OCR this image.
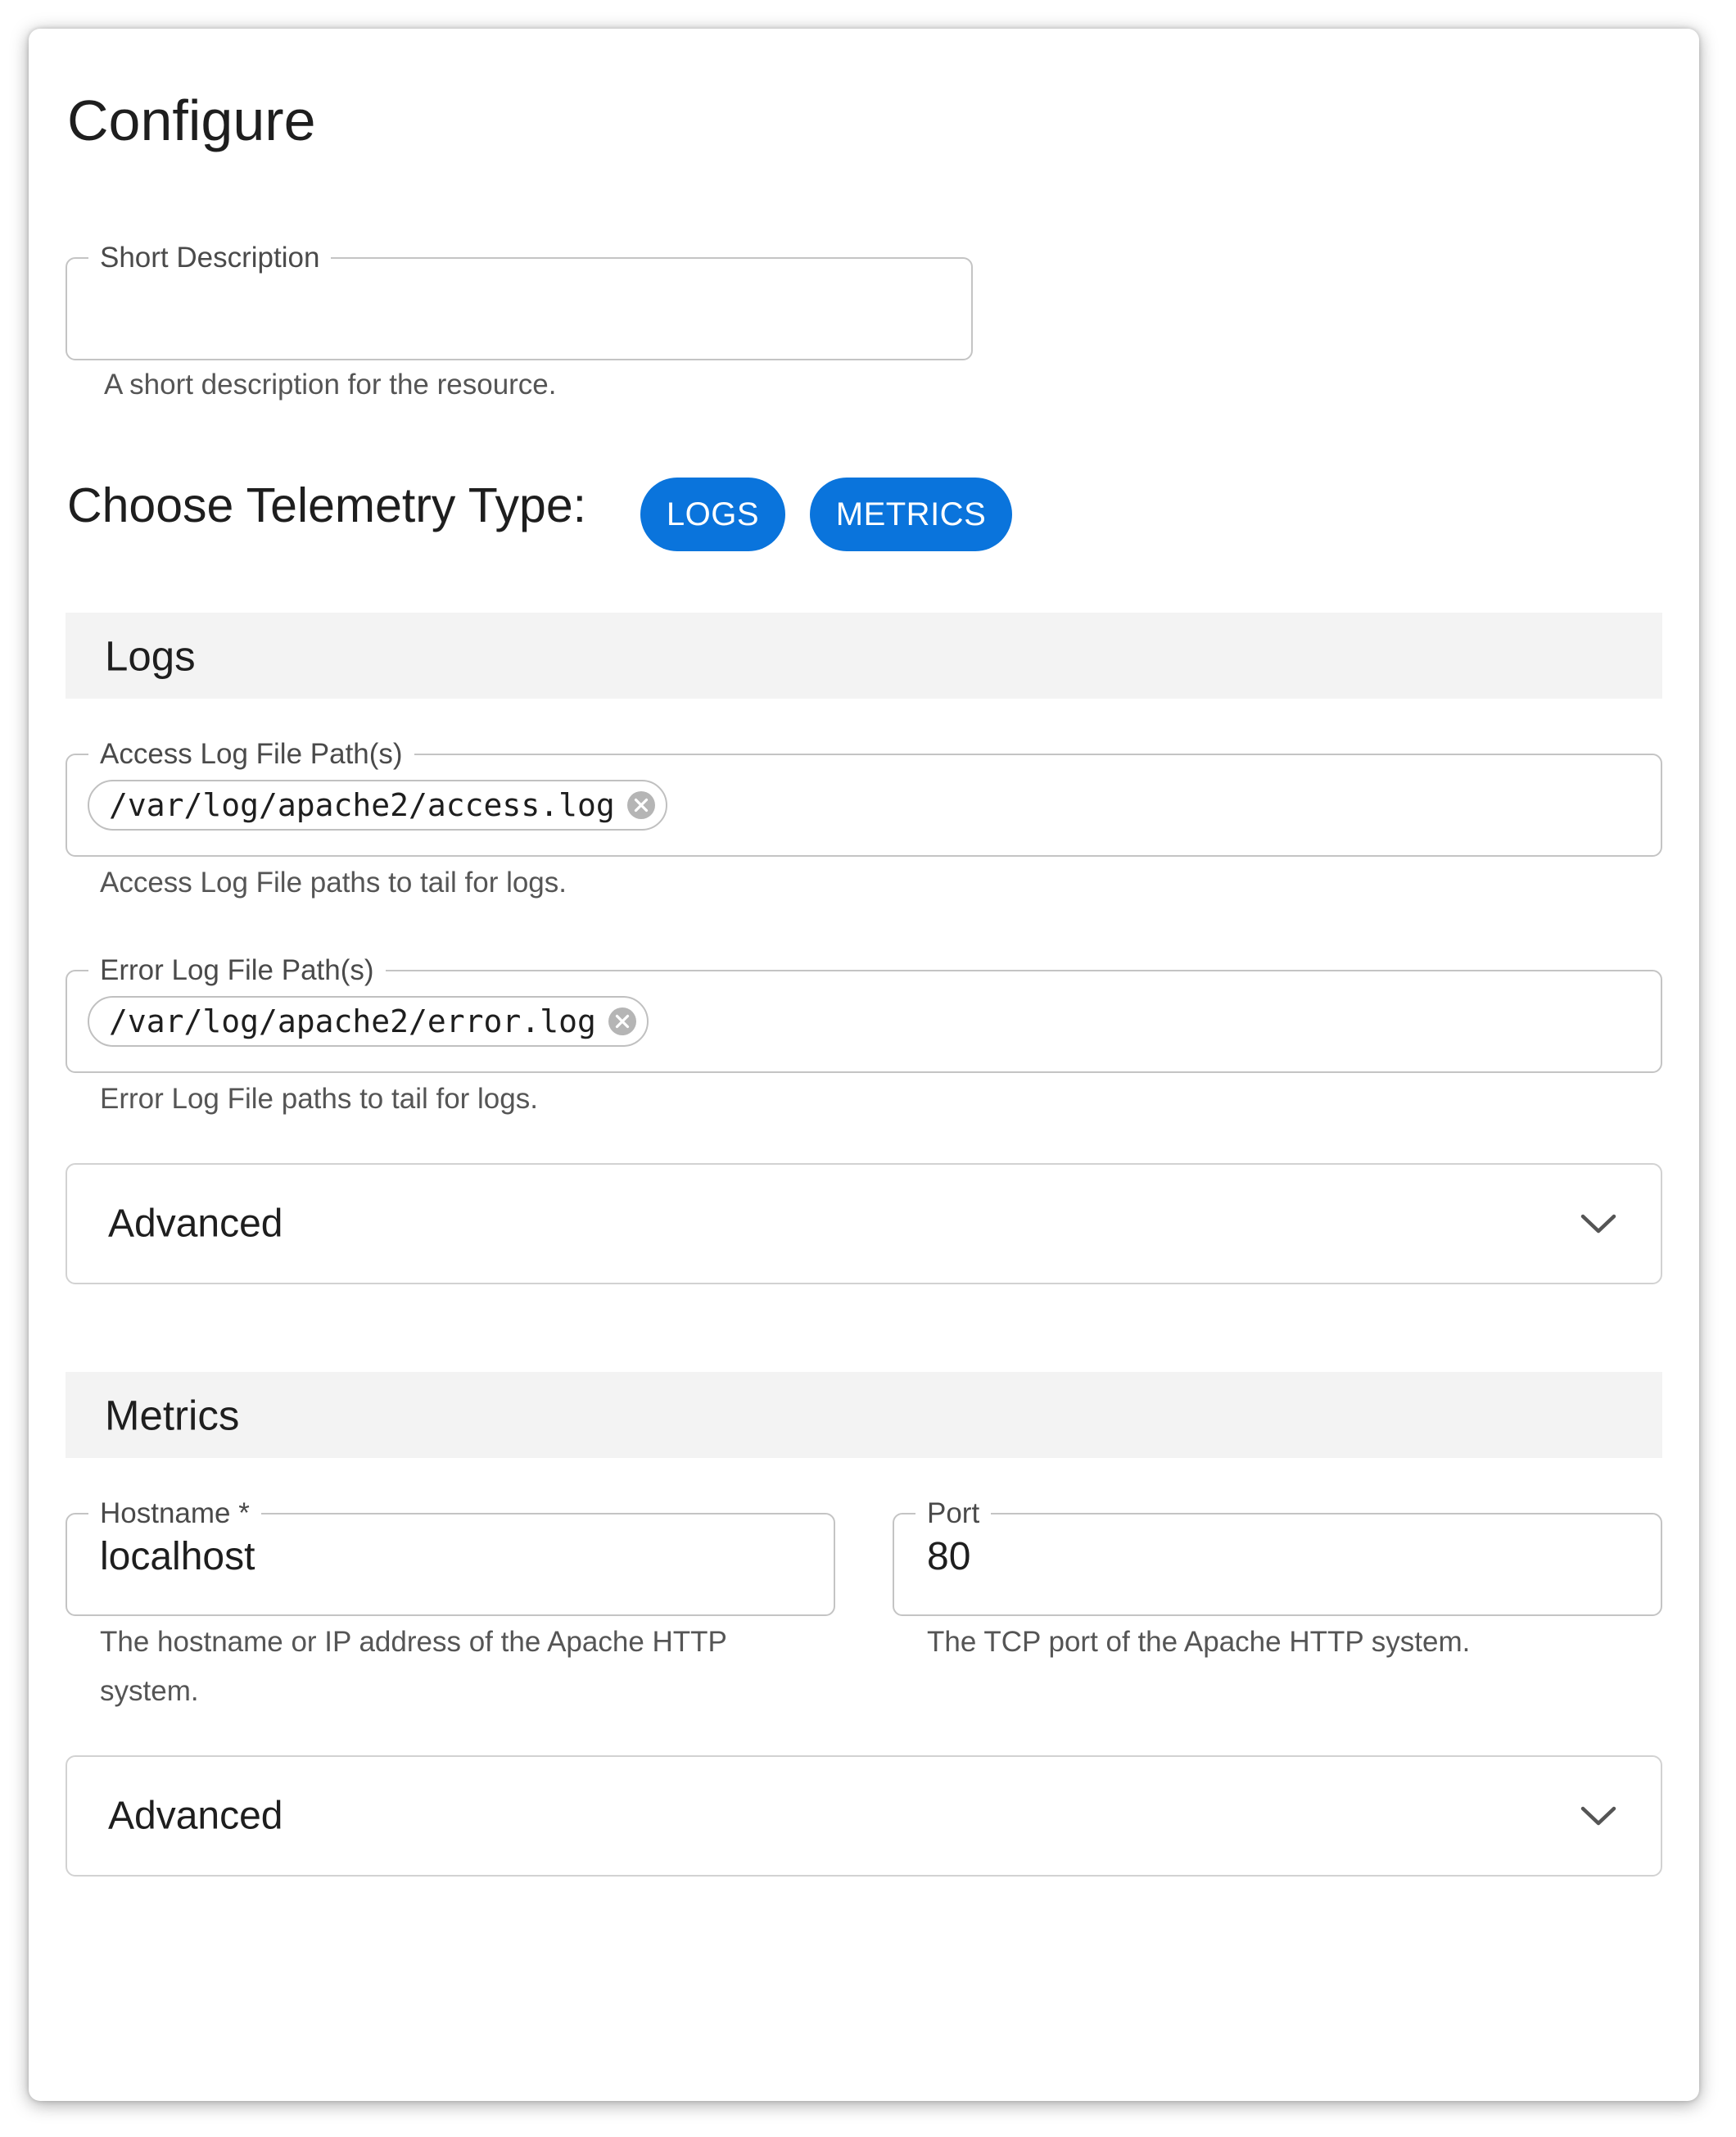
Configure
Short Description
A short description for the resource.
Choose Telemetry Type:	LOGS	METRICS
Logs
Access Log File Path(s)
/var/log/apache2/access.log
Access Log File paths to tail for logs.
Error Log File Path(s)
/var/log/apache2/error.log
Error Log File paths to tail for logs.
Advanced
Metrics
Hostname *
localhost
The hostname or IP address of the Apache HTTP
system.
Port
80
The TCP port of the Apache HTTP system.
Advanced
